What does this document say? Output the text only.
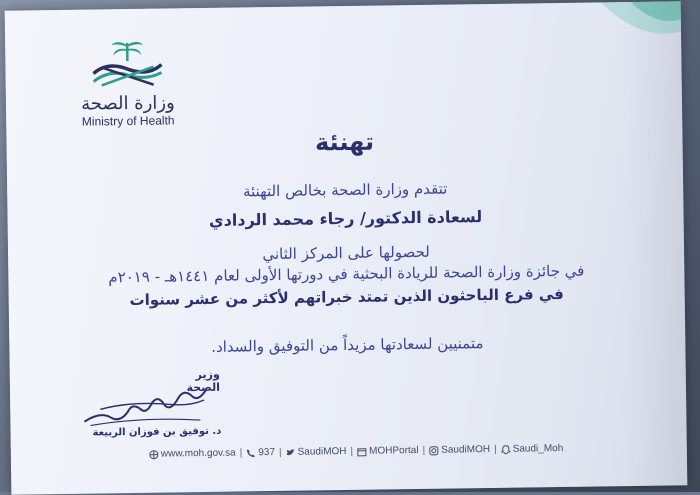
وزارة الصحة
Ministry of Health
تهنئة
تتقدم وزارة الصحة بخالص التهنئة
لسعادة الدكتور/ رجاء محمد الردادي
لحصولها على المركز الثاني
في جائزة وزارة الصحة للريادة البحثية في دورتها الأولى لعام ١٤٤١هـ - ٢٠١٩م
في فرع الباحثون الذين تمتد خبراتهم لأكثر من عشر سنوات
متمنيين لسعادتها مزيداً من التوفيق والسداد.
وزير الصحة
د. توفيق بن فوزان الربيعة
www.moh.gov.sa | 937 | SaudiMOH | MOHPortal | SaudiMOH | Saudi_Moh
